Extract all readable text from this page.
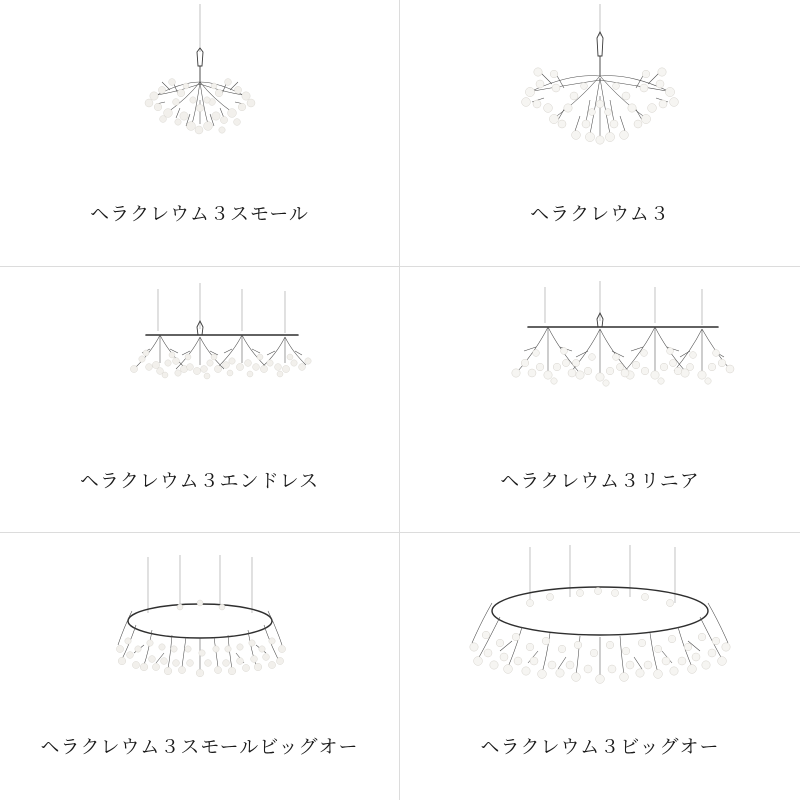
ヘラクレウム３スモール	ヘラクレウム３
ヘラクレウム３エンドレス	ヘラクレウム３リニア
ヘラクレウム３スモールビッグオー	ヘラクレウム３ビッグオー
